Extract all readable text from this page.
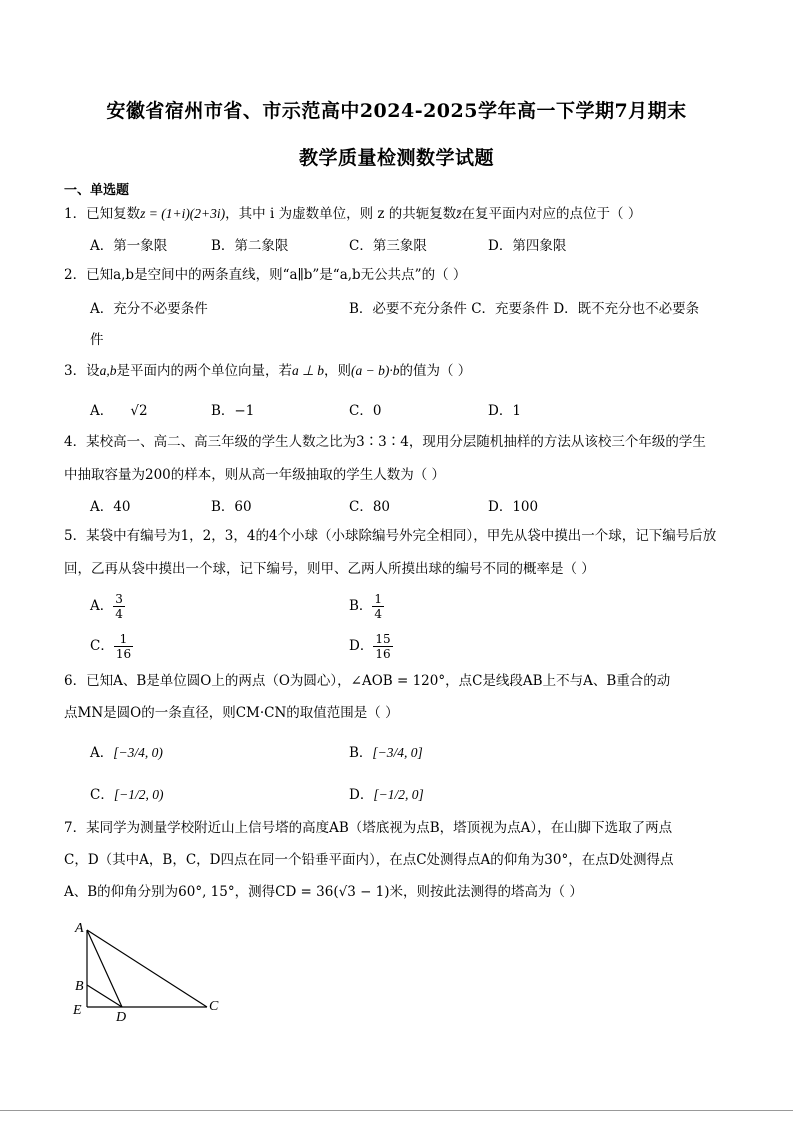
安徽省宿州市省、市示范高中2024-2025学年高一下学期7月期末
教学质量检测数学试题
一、单选题
1．已知复数z = (1+i)(2+3i)，其中 i 为虚数单位，则 z 的共轭复数z̄在复平面内对应的点位于（ ）
A．第一象限	B．第二象限	C．第三象限	D．第四象限
2．已知a,b是空间中的两条直线，则“a∥b”是“a,b无公共点”的（ ）
A．充分不必要条件	B．必要不充分条件 C．充要条件 D．既不充分也不必要条
件
3．设a,b是平面内的两个单位向量，若a ⊥ b，则(a − b)·b的值为（ ）
A． √2	B．−1	C．0	D．1
4．某校高一、高二、高三年级的学生人数之比为3∶3∶4，现用分层随机抽样的方法从该校三个年级的学生
中抽取容量为200的样本，则从高一年级抽取的学生人数为（ ）
A．40	B．60	C．80	D．100
5．某袋中有编号为1，2，3，4的4个小球（小球除编号外完全相同），甲先从袋中摸出一个球，记下编号后放
回，乙再从袋中摸出一个球，记下编号，则甲、乙两人所摸出球的编号不同的概率是（ ）
A． $\frac{3}{4}$	B． $\frac{1}{4}$
C． $\frac{1}{16}$	D． $\frac{15}{16}$
6．已知A、B是单位圆O上的两点（O为圆心），∠AOB = 120°，点C是线段AB上不与A、B重合的动
点MN是圆O的一条直径，则CM·CN的取值范围是（ ）
A．[−3/4, 0)	B．[−3/4, 0]
C．[−1/2, 0)	D．[−1/2, 0]
7．某同学为测量学校附近山上信号塔的高度AB（塔底视为点B，塔顶视为点A），在山脚下选取了两点
C，D（其中A，B，C，D四点在同一个铅垂平面内），在点C处测得点A的仰角为30°，在点D处测得点
A、B的仰角分别为60°, 15°，测得CD = 36(√3 − 1)米，则按此法测得的塔高为（ ）
A
B
E D
C
